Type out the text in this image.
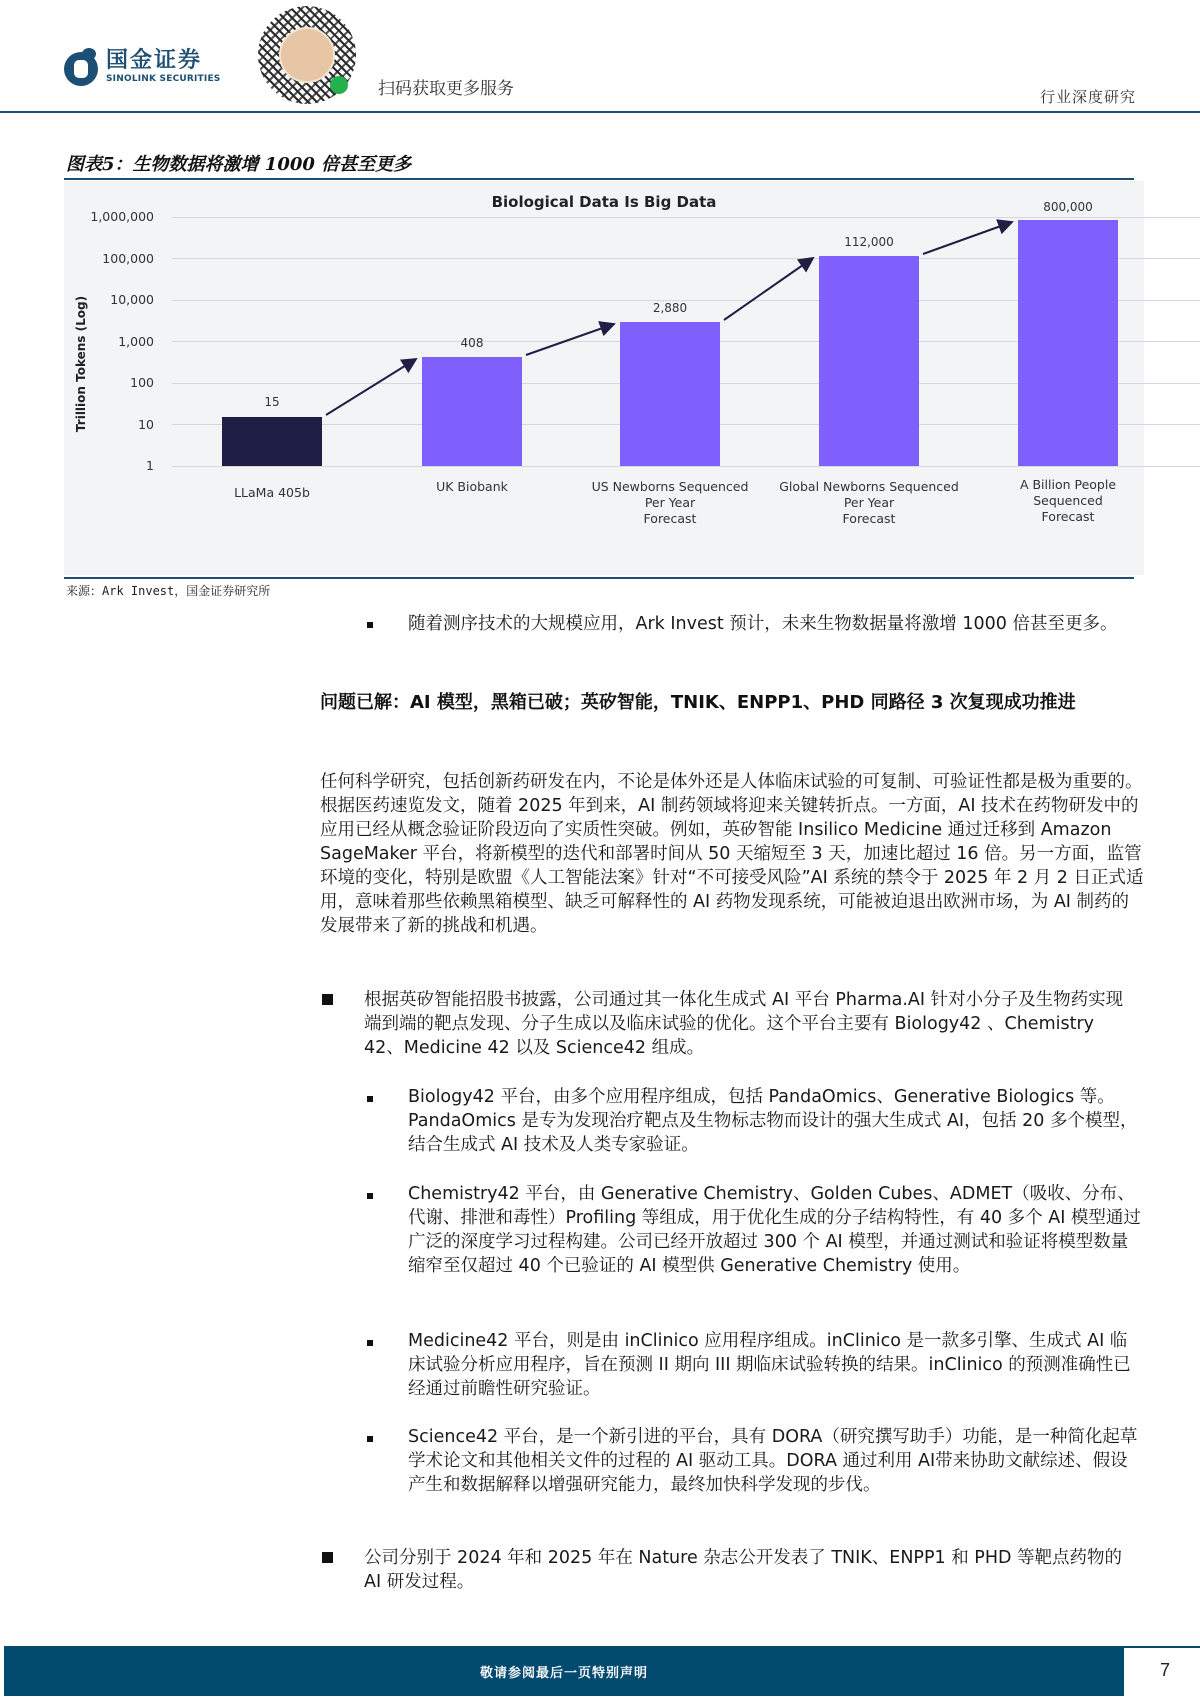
国金证券
SINOLINK SECURITIES	扫码获取更多服务	行业深度研究
图表5：生物数据将激增 1000 倍甚至更多
Biological Data Is Big Data
Trillion Tokens (Log)
1,000,000
100,000
10,000
1,000
100
10
1
15
408
2,880
112,000
800,000
LLaMa 405b	UK Biobank	US Newborns Sequenced
Per Year
Forecast
Global Newborns Sequenced
Per Year
Forecast
A Billion People
Sequenced
Forecast
来源：Ark Invest，国金证券研究所
随着测序技术的大规模应用，Ark Invest 预计，未来生物数据量将激增 1000 倍甚至更多。
问题已解：AI 模型，黑箱已破；英矽智能，TNIK、ENPP1、PHD 同路径 3 次复现成功推进
任何科学研究，包括创新药研发在内，不论是体外还是人体临床试验的可复制、可验证性都是极为重要的。根据医药速览发文，随着 2025 年到来，AI 制药领域将迎来关键转折点。一方面，AI 技术在药物研发中的应用已经从概念验证阶段迈向了实质性突破。例如，英矽智能 Insilico Medicine 通过迁移到 Amazon SageMaker 平台，将新模型的迭代和部署时间从 50 天缩短至 3 天，加速比超过 16 倍。另一方面，监管环境的变化，特别是欧盟《人工智能法案》针对“不可接受风险”AI 系统的禁令于 2025 年 2 月 2 日正式适用，意味着那些依赖黑箱模型、缺乏可解释性的 AI 药物发现系统，可能被迫退出欧洲市场，为 AI 制药的发展带来了新的挑战和机遇。
根据英矽智能招股书披露，公司通过其一体化生成式 AI 平台 Pharma.AI 针对小分子及生物药实现端到端的靶点发现、分子生成以及临床试验的优化。这个平台主要有 Biology42 、Chemistry 42、Medicine 42 以及 Science42 组成。
Biology42 平台，由多个应用程序组成，包括 PandaOmics、Generative Biologics 等。PandaOmics 是专为发现治疗靶点及生物标志物而设计的强大生成式 AI，包括 20 多个模型，结合生成式 AI 技术及人类专家验证。
Chemistry42 平台，由 Generative Chemistry、Golden Cubes、ADMET（吸收、分布、代谢、排泄和毒性）Profiling 等组成，用于优化生成的分子结构特性，有 40 多个 AI 模型通过广泛的深度学习过程构建。公司已经开放超过 300 个 AI 模型，并通过测试和验证将模型数量缩窄至仅超过 40 个已验证的 AI 模型供 Generative Chemistry 使用。
Medicine42 平台，则是由 inClinico 应用程序组成。inClinico 是一款多引擎、生成式 AI 临床试验分析应用程序，旨在预测 II 期向 III 期临床试验转换的结果。inClinico 的预测准确性已经通过前瞻性研究验证。
Science42 平台，是一个新引进的平台，具有 DORA（研究撰写助手）功能，是一种简化起草学术论文和其他相关文件的过程的 AI 驱动工具。DORA 通过利用 AI带来协助文献综述、假设产生和数据解释以增强研究能力，最终加快科学发现的步伐。
公司分别于 2024 年和 2025 年在 Nature 杂志公开发表了 TNIK、ENPP1 和 PHD 等靶点药物的 AI 研发过程。
敬请参阅最后一页特别声明	7
